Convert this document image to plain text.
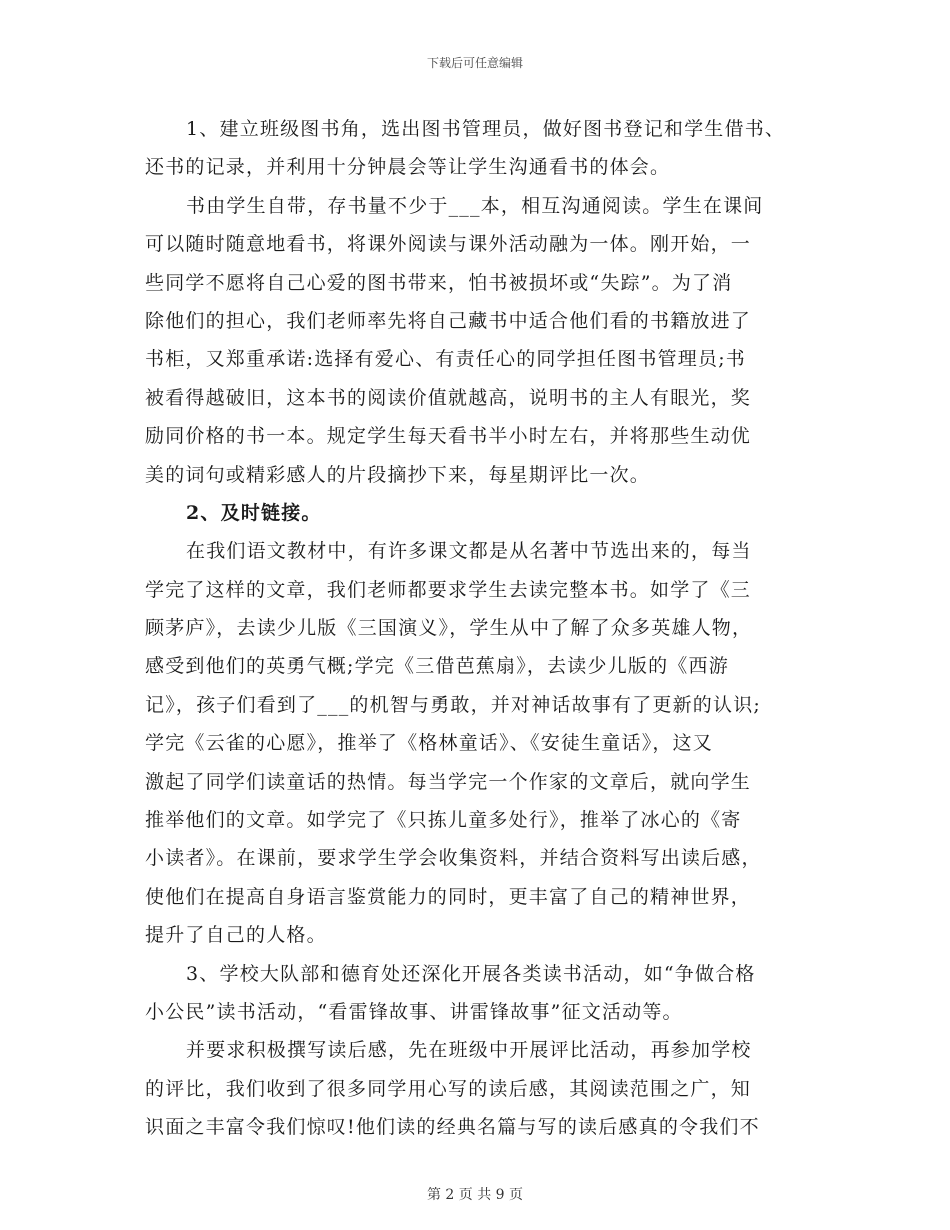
下载后可任意编辑
1、建立班级图书角，选出图书管理员，做好图书登记和学生借书、
还书的记录，并利用十分钟晨会等让学生沟通看书的体会。
书由学生自带，存书量不少于___本，相互沟通阅读。学生在课间
可以随时随意地看书，将课外阅读与课外活动融为一体。刚开始，一
些同学不愿将自己心爱的图书带来，怕书被损坏或“失踪”。为了消
除他们的担心，我们老师率先将自己藏书中适合他们看的书籍放进了
书柜，又郑重承诺:选择有爱心、有责任心的同学担任图书管理员;书
被看得越破旧，这本书的阅读价值就越高，说明书的主人有眼光，奖
励同价格的书一本。规定学生每天看书半小时左右，并将那些生动优
美的词句或精彩感人的片段摘抄下来，每星期评比一次。
2、及时链接。
在我们语文教材中，有许多课文都是从名著中节选出来的，每当
学完了这样的文章，我们老师都要求学生去读完整本书。如学了《三
顾茅庐》，去读少儿版《三国演义》，学生从中了解了众多英雄人物，
感受到他们的英勇气概;学完《三借芭蕉扇》，去读少儿版的《西游
记》，孩子们看到了___的机智与勇敢，并对神话故事有了更新的认识;
学完《云雀的心愿》，推举了《格林童话》、《安徒生童话》，这又
激起了同学们读童话的热情。每当学完一个作家的文章后，就向学生
推举他们的文章。如学完了《只拣儿童多处行》，推举了冰心的《寄
小读者》。在课前，要求学生学会收集资料，并结合资料写出读后感，
使他们在提高自身语言鉴赏能力的同时，更丰富了自己的精神世界，
提升了自己的人格。
3、学校大队部和德育处还深化开展各类读书活动，如“争做合格
小公民”读书活动，“看雷锋故事、讲雷锋故事”征文活动等。
并要求积极撰写读后感，先在班级中开展评比活动，再参加学校
的评比，我们收到了很多同学用心写的读后感，其阅读范围之广，知
识面之丰富令我们惊叹!他们读的经典名篇与写的读后感真的令我们不
第 2 页 共 9 页
